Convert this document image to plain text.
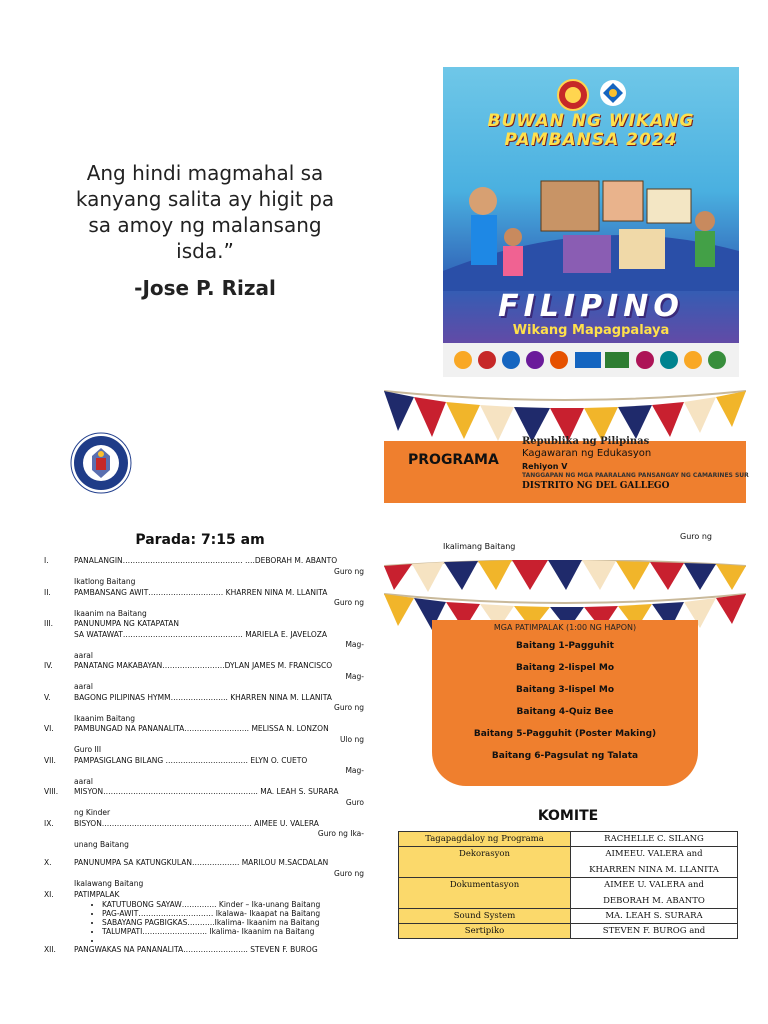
Ang hindi magmahal sa
kanyang salita ay higit pa
sa amoy ng malansang
isda.”
-Jose P. Rizal
BUWAN NG WIKANG
PAMBANSA 2024
FILIPINO
Wikang Mapagpalaya
PROGRAMA
Republika ng Pilipinas
Kagawaran ng Edukasyon
Rehiyon V
TANGGAPAN NG MGA PAARALANG PANSANGAY NG CAMARINES SUR
DISTRITO NG DEL GALLEGO
Ikalimang Baitang
Guro ng
MGA PATIMPALAK (1:00 NG HAPON)
Baitang 1-Pagguhit
Baitang 2-Iispel Mo
Baitang 3-Iispel Mo
Baitang 4-Quiz Bee
Baitang 5-Pagguhit (Poster Making)
Baitang 6-Pagsulat ng Talata
Parada: 7:15 am
I.	PANALANGIN………………………………………… ….DEBORAH M. ABANTO
Guro ng
Ikatlong Baitang
II.	PAMBANSANG AWIT………………………… KHARREN NINA M. LLANITA
Guro ng
Ikaanim na Baitang
III.	PANUNUMPA NG KATAPATAN
SA WATAWAT………………………………………… MARIELA E. JAVELOZA
Mag-
aaral
IV.	PANATANG MAKABAYAN…………………….DYLAN JAMES M. FRANCISCO
Mag-
aaral
V.	BAGONG PILIPINAS HYMM………………….. KHARREN NINA M. LLANITA
Guro ng
Ikaanim Baitang
VI.	PAMBUNGAD NA PANANALITA…………………….. MELISSA N. LONZON
Ulo ng
Guro III
VII. PAMPASIGLANG BILANG …………………………… ELYN O. CUETO
Mag-
aaral
VIII. MISYON…………………………………………………….. MA. LEAH S. SURARA
Guro
ng Kinder
IX.	BISYON…………………………………………………… AIMEE U. VALERA
Guro ng Ika-
unang Baitang
X.	PANUNUMPA SA KATUNGKULAN………………. MARILOU M.SACDALAN
Guro ng
Ikalawang Baitang
XI.	PATIMPALAK
• KATUTUBONG SAYAW………….. Kinder – Ika-unang Baitang
• PAG-AWIT………………………… Ikalawa- Ikaapat na Baitang
• SABAYANG PAGBIGKAS………..Ikalima- Ikaanim na Baitang
• TALUMPATI…………………….. Ikalima- Ikaanim na Baitang
•
XII. PANGWAKAS NA PANANALITA…………………….. STEVEN F. BUROG
KOMITE
Tagapagdaloy ng Programa	RACHELLE C. SILANG

Dekorasyon	AIMEEU. VALERA and
KHARREN NINA M. LLANITA

Dokumentasyon	AIMEE U. VALERA and
DEBORAH M. ABANTO

Sound System	MA. LEAH S. SURARA

Sertipiko	STEVEN F. BUROG and
